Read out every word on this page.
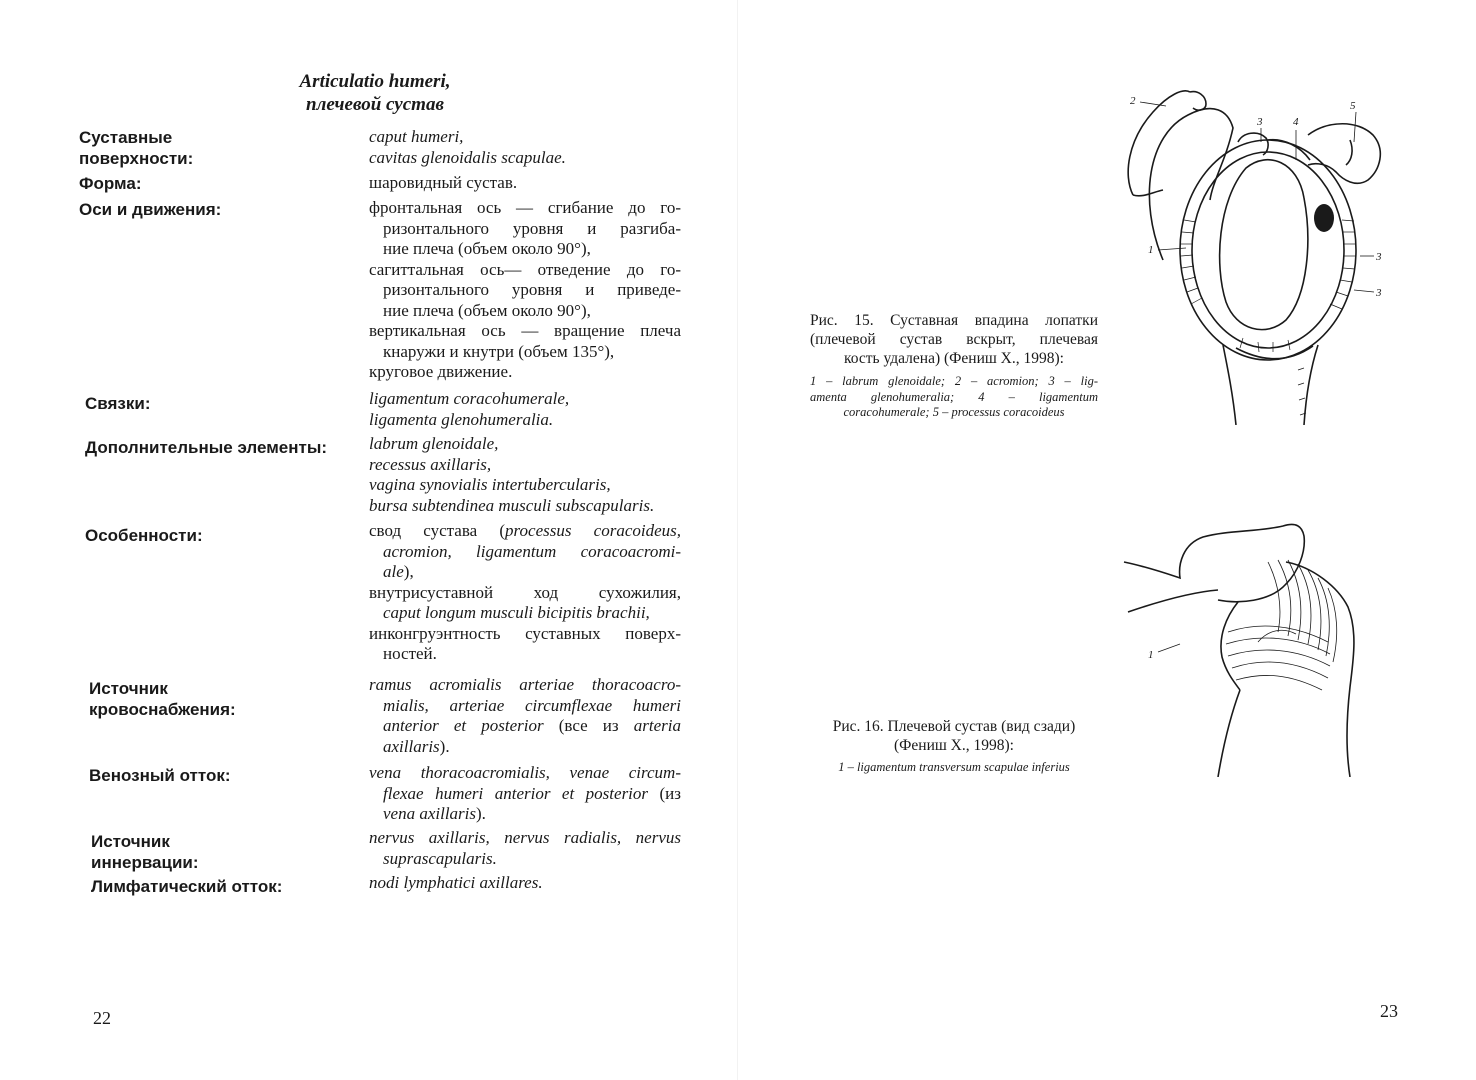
Articulatio humeri,
плечевой сустав
Суставные
поверхности:
caput humeri,
cavitas glenoidalis scapulae.
Форма:	шаровидный сустав.
Оси и движения:	фронтальная ось — сгибание до го-
ризонтального уровня и разгиба-
ние плеча (объем около 90°),
сагиттальная ось— отведение до го-
ризонтального уровня и приведе-
ние плеча (объем около 90°),
вертикальная ось — вращение плеча
кнаружи и кнутри (объем 135°),
круговое движение.
Связки:	ligamentum coracohumerale,
ligamenta glenohumeralia.
Дополнительные элементы: labrum glenoidale,
recessus axillaris,
vagina synovialis intertubercularis,
bursa subtendinea musculi subscapularis.
Особенности:	свод сустава (processus coracoideus,
acromion, ligamentum coracoacromi-
ale),
внутрисуставной ход сухожилия,
caput longum musculi bicipitis brachii,
инконгруэнтность суставных поверх-
ностей.
Источник
кровоснабжения:
ramus acromialis arteriae thoracoacro-
mialis, arteriae circumflexae humeri
anterior et posterior (все из arteria
axillaris).
Венозный отток:	vena thoracoacromialis, venae circum-
flexae humeri anterior et posterior (из
vena axillaris).
Источник
иннервации:
nervus axillaris, nervus radialis, nervus
suprascapularis.
Лимфатический отток:	nodi lymphatici axillares.
22
2
3	4
5
1
3
3
Рис. 15. Суставная впадина лопатки
(плечевой сустав вскрыт, плечевая
кость удалена) (Фениш Х., 1998):
1 – labrum glenoidale; 2 – acromion; 3 – lig-
amenta glenohumeralia; 4 – ligamentum
coracohumerale; 5 – processus coracoideus
1
Рис. 16. Плечевой сустав (вид сзади)
(Фениш Х., 1998):
1 – ligamentum transversum scapulae inferius
23
